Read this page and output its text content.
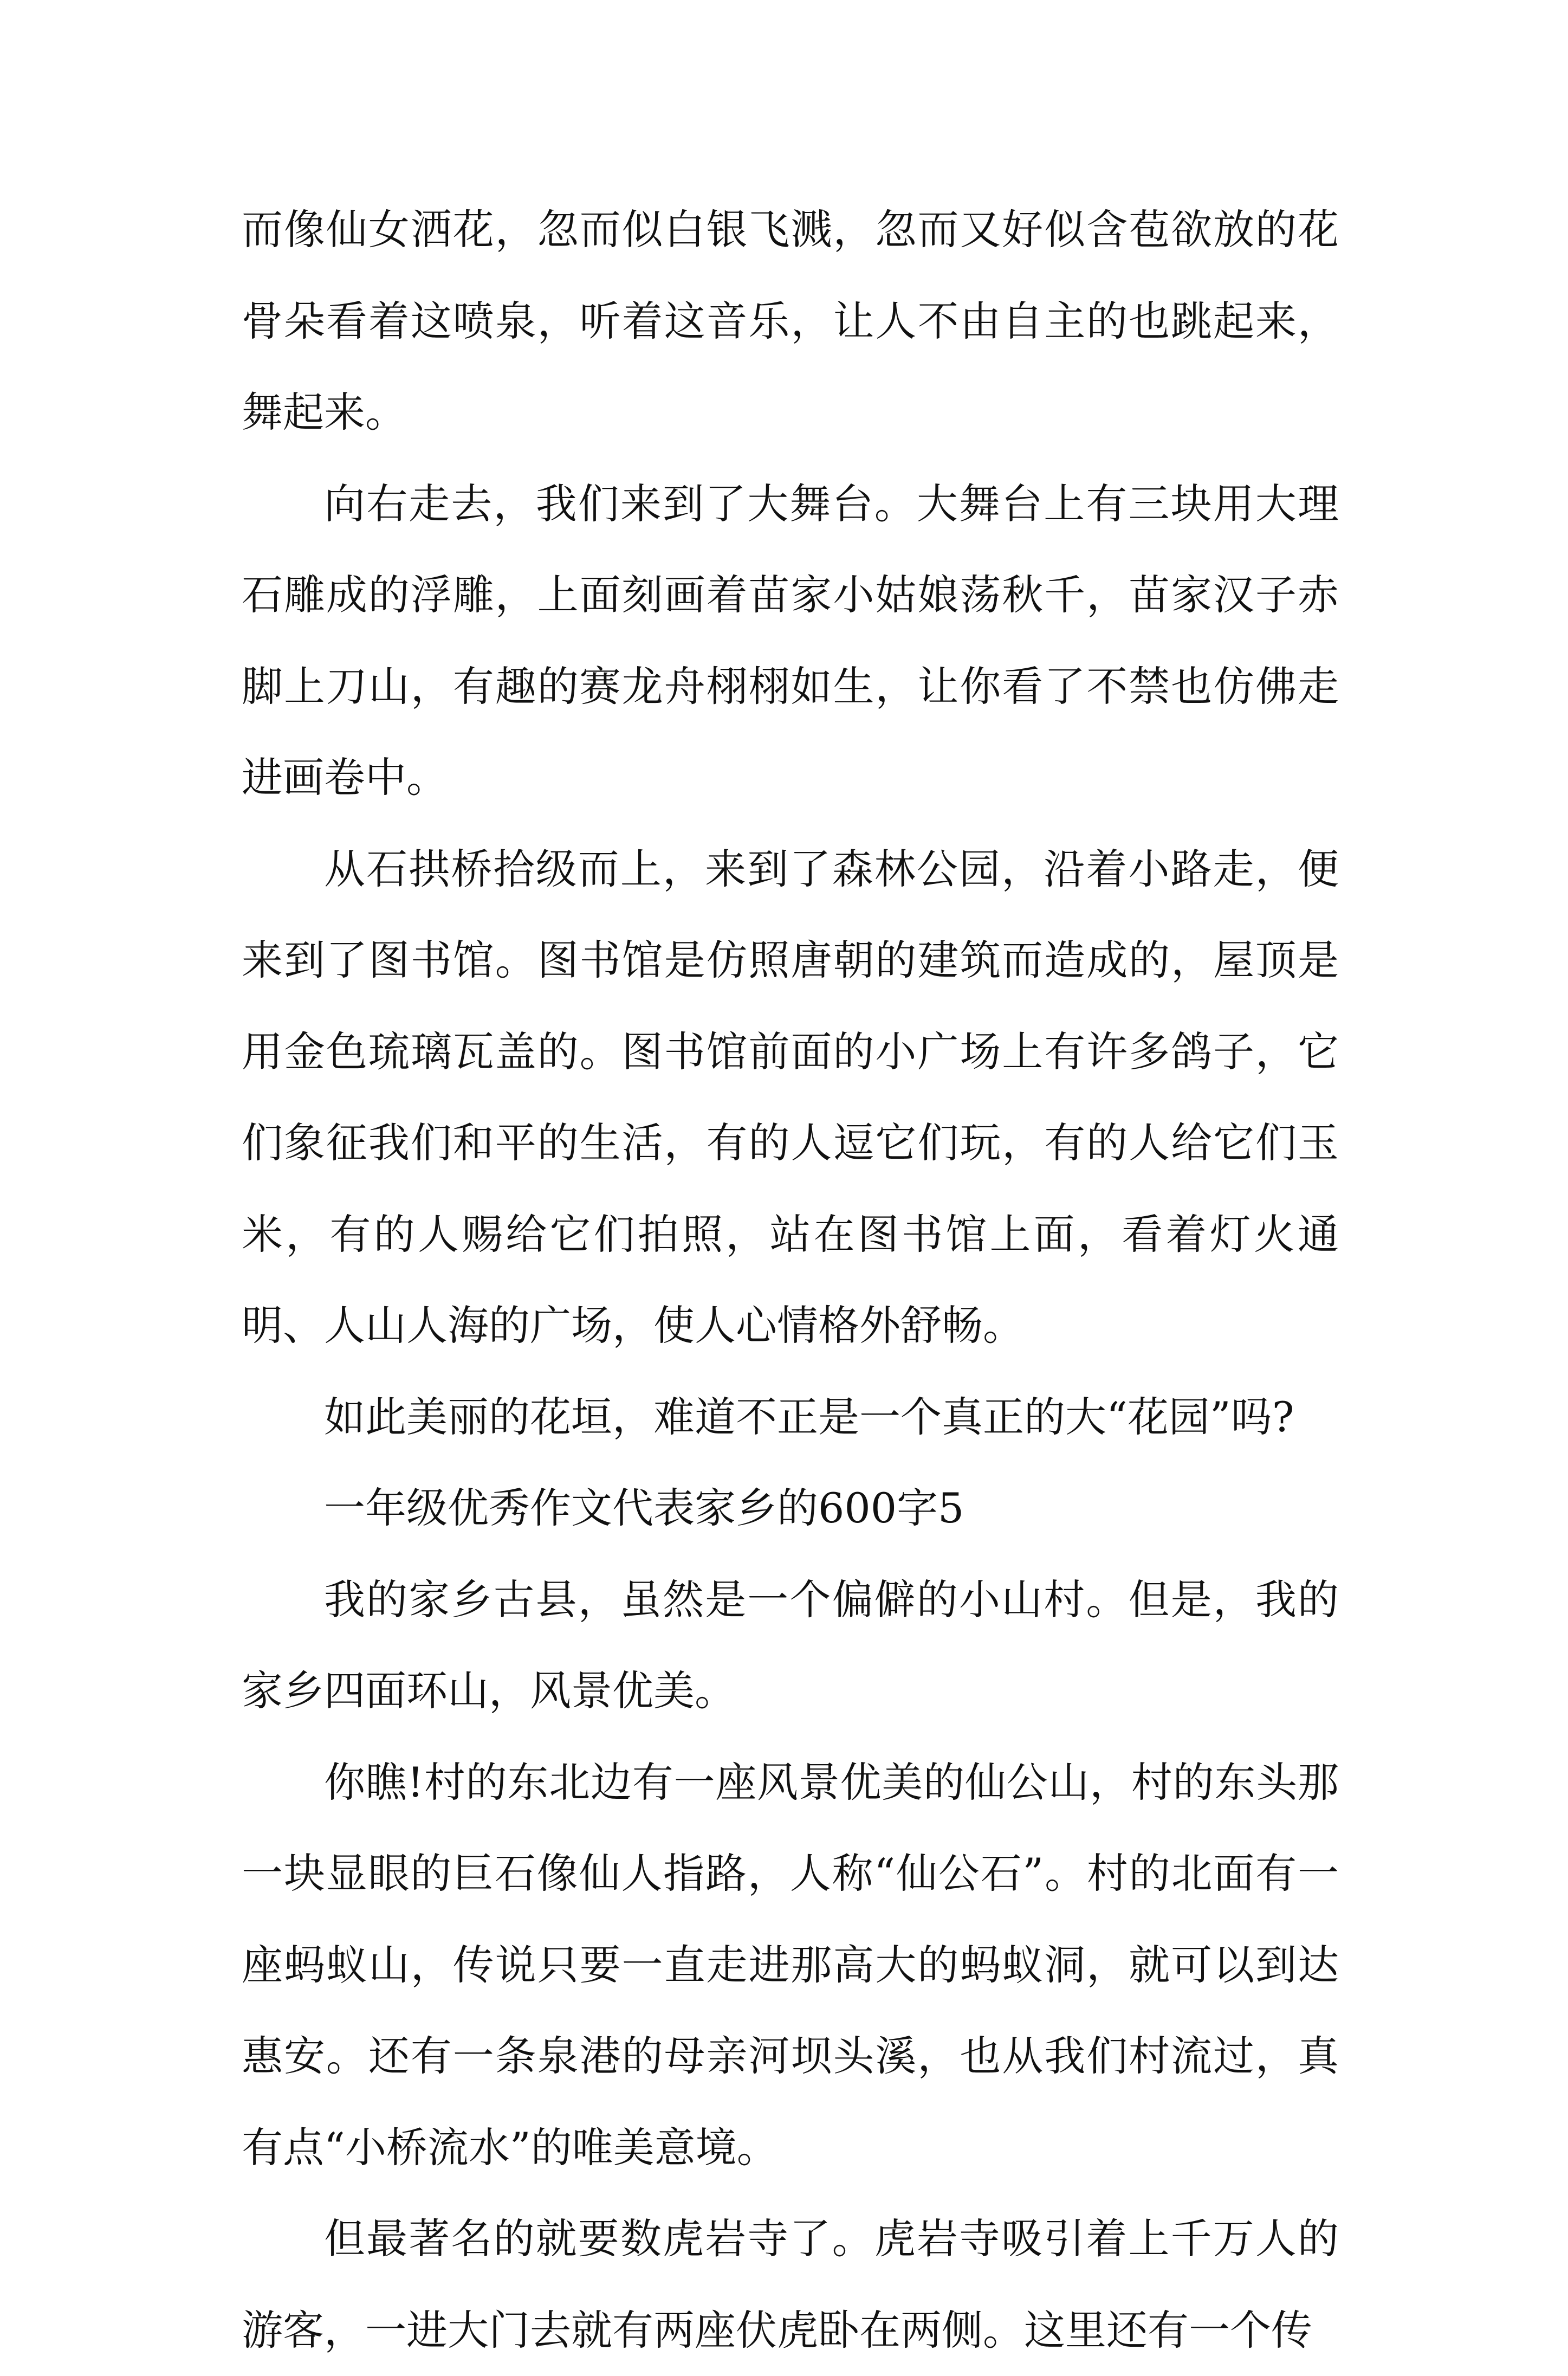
而像仙女洒花，忽而似白银飞溅，忽而又好似含苞欲放的花骨朵看着这喷泉，听着这音乐，让人不由自主的也跳起来，舞起来。

向右走去，我们来到了大舞台。大舞台上有三块用大理石雕成的浮雕，上面刻画着苗家小姑娘荡秋千，苗家汉子赤脚上刀山，有趣的赛龙舟栩栩如生，让你看了不禁也仿佛走进画卷中。

从石拱桥拾级而上，来到了森林公园，沿着小路走，便来到了图书馆。图书馆是仿照唐朝的建筑而造成的，屋顶是用金色琉璃瓦盖的。图书馆前面的小广场上有许多鸽子，它们象征我们和平的生活，有的人逗它们玩，有的人给它们玉米，有的人赐给它们拍照，站在图书馆上面，看着灯火通明、人山人海的广场，使人心情格外舒畅。

如此美丽的花垣，难道不正是一个真正的大“花园”吗?

一年级优秀作文代表家乡的600字5

我的家乡古县，虽然是一个偏僻的小山村。但是，我的家乡四面环山，风景优美。

你瞧!村的东北边有一座风景优美的仙公山，村的东头那一块显眼的巨石像仙人指路，人称“仙公石”。村的北面有一座蚂蚁山，传说只要一直走进那高大的蚂蚁洞，就可以到达惠安。还有一条泉港的母亲河坝头溪，也从我们村流过，真有点“小桥流水”的唯美意境。

但最著名的就要数虎岩寺了。虎岩寺吸引着上千万人的游客，一进大门去就有两座伏虎卧在两侧。这里还有一个传
